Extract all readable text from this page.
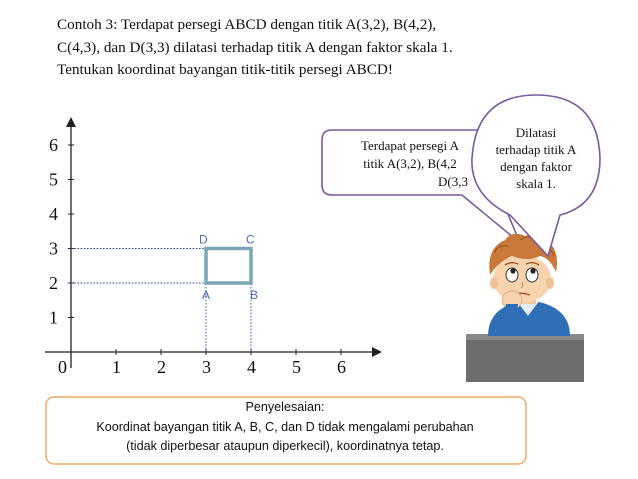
Contoh 3: Terdapat persegi ABCD dengan titik A(3,2), B(4,2),
C(4,3), dan D(3,3) dilatasi terhadap titik A dengan faktor skala 1.
Tentukan koordinat bayangan titik-titik persegi ABCD!
0	1 2 3 4 5 6
1
2
3
4
5
6
A	B
C
D
Terdapat persegi A
titik A(3,2), B(4,2
D(3,3
Dilatasi
terhadap titik A
dengan faktor
skala 1.
Penyelesaian:
Koordinat bayangan titik A, B, C, dan D tidak mengalami perubahan
(tidak diperbesar ataupun diperkecil), koordinatnya tetap.
